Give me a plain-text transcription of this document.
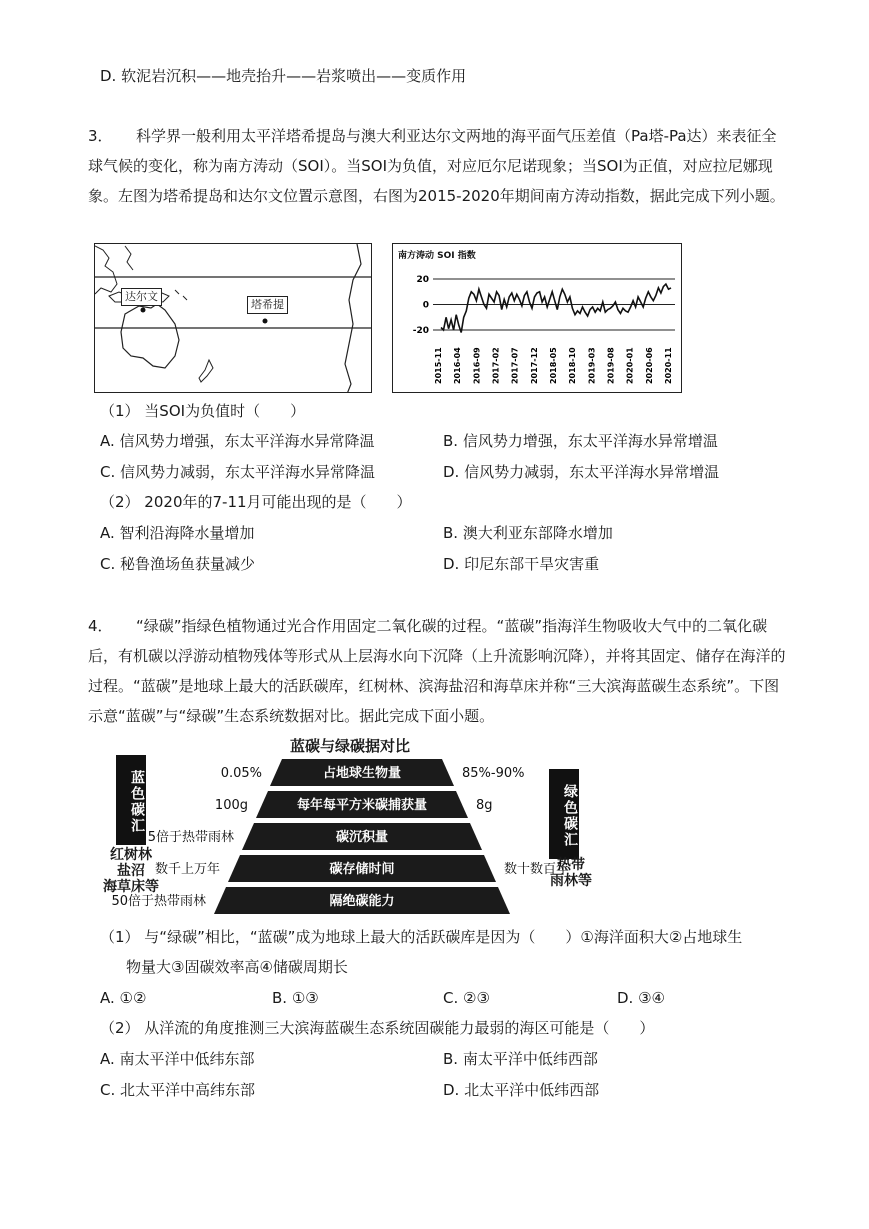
D. 软泥岩沉积——地壳抬升——岩浆喷出——变质作用
3． 科学界一般利用太平洋塔希提岛与澳大利亚达尔文两地的海平面气压差值（Pa塔-Pa达）来表征全球气候的变化，称为南方涛动（SOI）。当SOI为负值，对应厄尔尼诺现象；当SOI为正值，对应拉尼娜现象。左图为塔希提岛和达尔文位置示意图，右图为2015-2020年期间南方涛动指数，据此完成下列小题。
达尔文
塔希提
南方涛动 SOI 指数
20
0
-20
2015-11 2016-04 2016-09 2017-02 2017-07 2017-12 2018-05 2018-10 2019-03 2019-08 2020-01 2020-06 2020-11
（1） 当SOI为负值时（　　）
A. 信风势力增强，东太平洋海水异常降温	B. 信风势力增强，东太平洋海水异常增温
C. 信风势力减弱，东太平洋海水异常降温	D. 信风势力减弱，东太平洋海水异常增温
（2） 2020年的7-11月可能出现的是（　　）
A. 智利沿海降水量增加	B. 澳大利亚东部降水增加
C. 秘鲁渔场鱼获量减少	D. 印尼东部干旱灾害重
4． “绿碳”指绿色植物通过光合作用固定二氧化碳的过程。“蓝碳”指海洋生物吸收大气中的二氧化碳后，有机碳以浮游动植物残体等形式从上层海水向下沉降（上升流影响沉降），并将其固定、储存在海洋的过程。“蓝碳”是地球上最大的活跃碳库，红树林、滨海盐沼和海草床并称“三大滨海蓝碳生态系统”。下图示意“蓝碳”与“绿碳”生态系统数据对比。据此完成下面小题。
蓝碳与绿碳据对比
蓝色碳汇	绿色碳汇
红树林
盐沼
海草床等
热带
雨林等
占地球生物量
0.05%	85%-90%
每年每平方米碳捕获量
100g	8g
碳沉积量
5倍于热带雨林
碳存储时间
数千上万年	数十数百年
隔绝碳能力
50倍于热带雨林
（1） 与“绿碳”相比，“蓝碳”成为地球上最大的活跃碳库是因为（　　）①海洋面积大②占地球生
物量大③固碳效率高④储碳周期长
A. ①②	B. ①③	C. ②③	D. ③④
（2） 从洋流的角度推测三大滨海蓝碳生态系统固碳能力最弱的海区可能是（　　）
A. 南太平洋中低纬东部	B. 南太平洋中低纬西部
C. 北太平洋中高纬东部	D. 北太平洋中低纬西部
